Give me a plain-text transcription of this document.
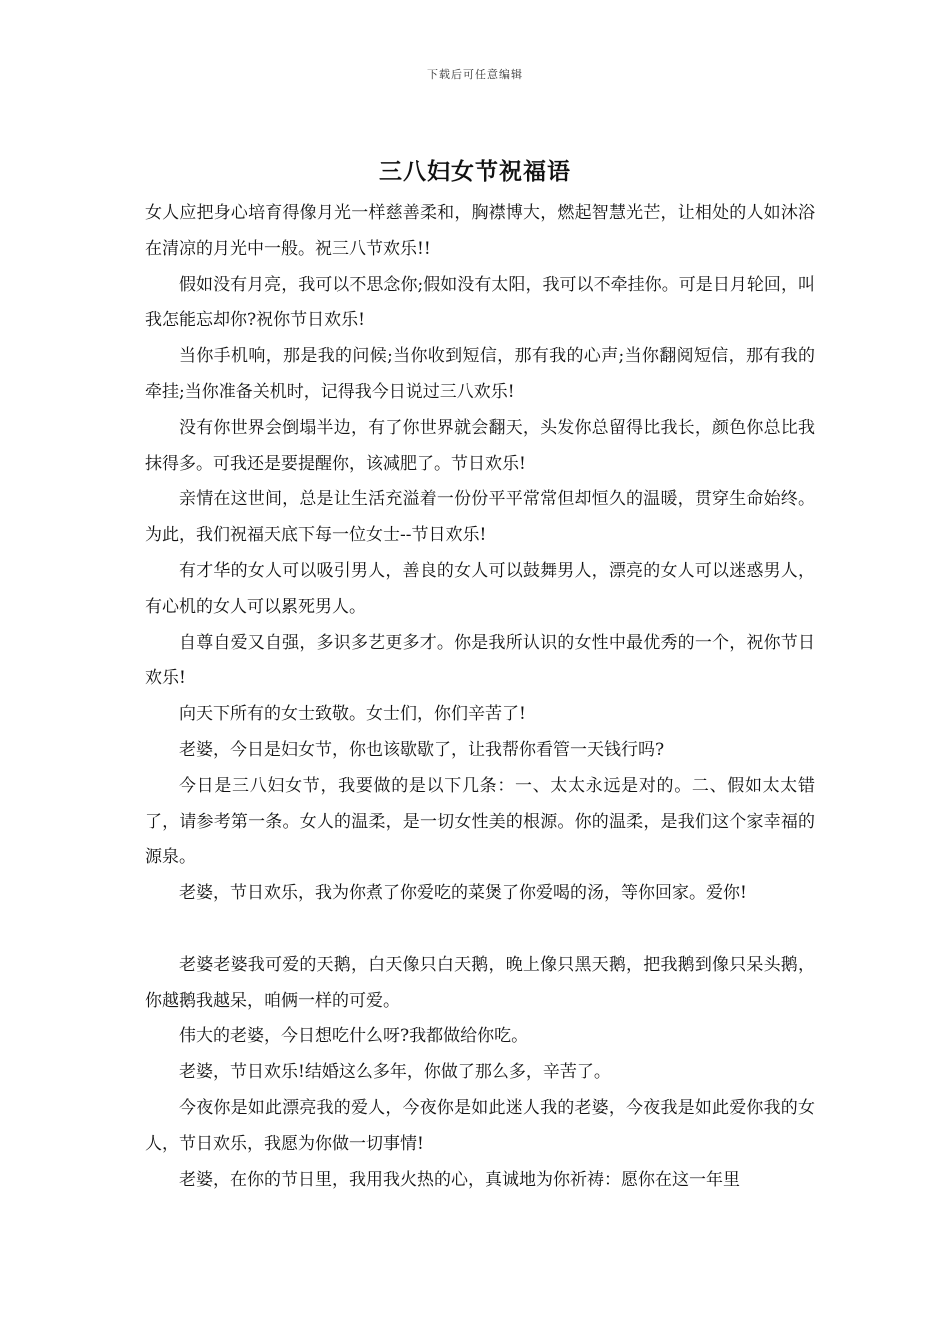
下载后可任意编辑
三八妇女节祝福语

女人应把身心培育得像月光一样慈善柔和，胸襟博大，燃起智慧光芒，让相处的人如沐浴在清凉的月光中一般。祝三八节欢乐!!

假如没有月亮，我可以不思念你;假如没有太阳，我可以不牵挂你。可是日月轮回，叫我怎能忘却你?祝你节日欢乐!

当你手机响，那是我的问候;当你收到短信，那有我的心声;当你翻阅短信，那有我的牵挂;当你准备关机时，记得我今日说过三八欢乐!

没有你世界会倒塌半边，有了你世界就会翻天，头发你总留得比我长，颜色你总比我抹得多。可我还是要提醒你，该减肥了。节日欢乐!

亲情在这世间，总是让生活充溢着一份份平平常常但却恒久的温暖，贯穿生命始终。为此，我们祝福天底下每一位女士--节日欢乐!

有才华的女人可以吸引男人，善良的女人可以鼓舞男人，漂亮的女人可以迷惑男人，有心机的女人可以累死男人。

自尊自爱又自强，多识多艺更多才。你是我所认识的女性中最优秀的一个，祝你节日欢乐!

向天下所有的女士致敬。女士们，你们辛苦了!

老婆，今日是妇女节，你也该歇歇了，让我帮你看管一天钱行吗?

今日是三八妇女节，我要做的是以下几条：一、太太永远是对的。二、假如太太错了，请参考第一条。女人的温柔，是一切女性美的根源。你的温柔，是我们这个家幸福的源泉。

老婆，节日欢乐，我为你煮了你爱吃的菜煲了你爱喝的汤，等你回家。爱你!

老婆老婆我可爱的天鹅，白天像只白天鹅，晚上像只黑天鹅，把我鹅到像只呆头鹅，你越鹅我越呆，咱俩一样的可爱。

伟大的老婆，今日想吃什么呀?我都做给你吃。

老婆，节日欢乐!结婚这么多年，你做了那么多，辛苦了。

今夜你是如此漂亮我的爱人，今夜你是如此迷人我的老婆，今夜我是如此爱你我的女人，节日欢乐，我愿为你做一切事情!

老婆，在你的节日里，我用我火热的心，真诚地为你祈祷：愿你在这一年里
